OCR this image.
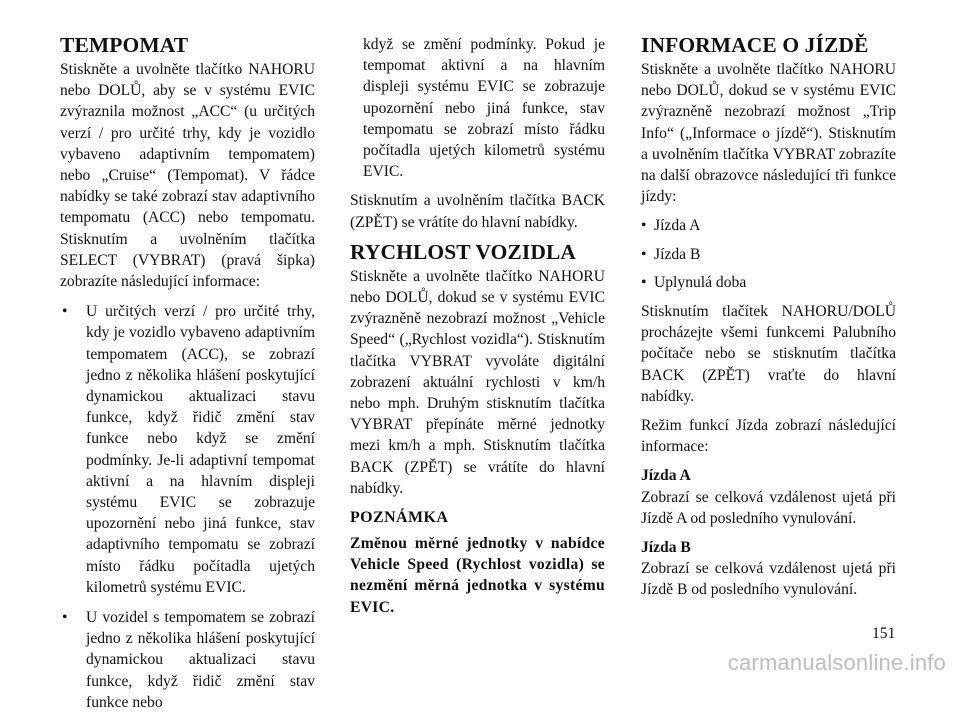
TEMPOMAT

Stiskněte a uvolněte tlačítko NAHORU nebo DOLŮ, aby se v systému EVIC zvýraznila možnost „ACC“ (u určitých verzí / pro určité trhy, kdy je vozidlo vybaveno adaptivním tempomatem) nebo „Cruise“ (Tempomat). V řádce nabídky se také zobrazí stav adaptivního tempomatu (ACC) nebo tempomatu. Stisknutím a uvolněním tlačítka SELECT (VYBRAT) (pravá šipka) zobrazíte následující informace:

• U určitých verzí / pro určité trhy, kdy je vozidlo vybaveno adaptivním tempomatem (ACC), se zobrazí jedno z několika hlášení poskytující dynamickou aktualizaci stavu funkce, když řidič změní stav funkce nebo když se změní podmínky. Je-li adaptivní tempomat aktivní a na hlavním displeji systému EVIC se zobrazuje upozornění nebo jiná funkce, stav adaptivního tempomatu se zobrazí místo řádku počítadla ujetých kilometrů systému EVIC.
• U vozidel s tempomatem se zobrazí jedno z několika hlášení poskytující dynamickou aktualizaci stavu funkce, když řidič změní stav funkce nebo

když se změní podmínky. Pokud je tempomat aktivní a na hlavním displeji systému EVIC se zobrazuje upozornění nebo jiná funkce, stav tempomatu se zobrazí místo řádku počítadla ujetých kilometrů systému EVIC.

Stisknutím a uvolněním tlačítka BACK (ZPĚT) se vrátíte do hlavní nabídky.

RYCHLOST VOZIDLA

Stiskněte a uvolněte tlačítko NAHORU nebo DOLŮ, dokud se v systému EVIC zvýrazněně nezobrazí možnost „Vehicle Speed“ („Rychlost vozidla“). Stisknutím tlačítka VYBRAT vyvoláte digitální zobrazení aktuální rychlosti v km/h nebo mph. Druhým stisknutím tlačítka VYBRAT přepínáte měrné jednotky mezi km/h a mph. Stisknutím tlačítka BACK (ZPĚT) se vrátíte do hlavní nabídky.

POZNÁMKA

Změnou měrné jednotky v nabídce Vehicle Speed (Rychlost vozidla) se nezmění měrná jednotka v systému EVIC.

INFORMACE O JÍZDĚ

Stiskněte a uvolněte tlačítko NAHORU nebo DOLŮ, dokud se v systému EVIC zvýrazněně nezobrazí možnost „Trip Info“ („Informace o jízdě“). Stisknutím a uvolněním tlačítka VYBRAT zobrazíte na další obrazovce následující tři funkce jízdy:

• Jízda A
• Jízda B
• Uplynulá doba

Stisknutím tlačítek NAHORU/DOLŮ procházejte všemi funkcemi Palubního počítače nebo se stisknutím tlačítka BACK (ZPĚT) vraťte do hlavní nabídky.

Režim funkcí Jízda zobrazí následující informace:

Jízda A

Zobrazí se celková vzdálenost ujetá při Jízdě A od posledního vynulování.

Jízda B

Zobrazí se celková vzdálenost ujetá při Jízdě B od posledního vynulování.

151
carmanualsonline.info
